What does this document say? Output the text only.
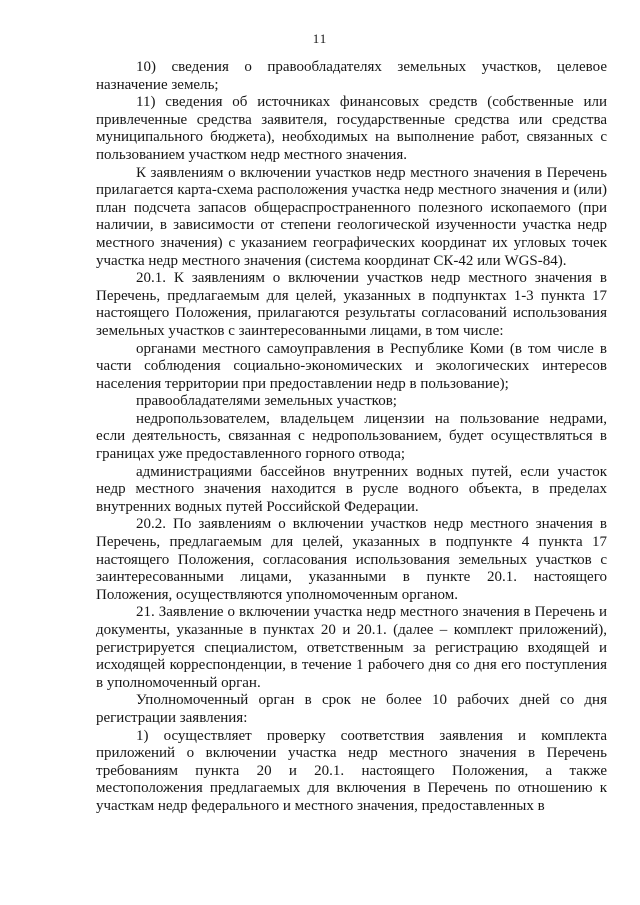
11

10) сведения о правообладателях земельных участков, целевое назначение земель;

11) сведения об источниках финансовых средств (собственные или привлеченные средства заявителя, государственные средства или средства муниципального бюджета), необходимых на выполнение работ, связанных с пользованием участком недр местного значения.

К заявлениям о включении участков недр местного значения в Перечень прилагается карта-схема расположения участка недр местного значения и (или) план подсчета запасов общераспространенного полезного ископаемого (при наличии, в зависимости от степени геологической изученности участка недр местного значения) с указанием географических координат их угловых точек участка недр местного значения (система координат СК-42 или WGS-84).

20.1. К заявлениям о включении участков недр местного значения в Перечень, предлагаемым для целей, указанных в подпунктах 1-3 пункта 17 настоящего Положения, прилагаются результаты согласований использования земельных участков с заинтересованными лицами, в том числе:

органами местного самоуправления в Республике Коми (в том числе в части соблюдения социально-экономических и экологических интересов населения территории при предоставлении недр в пользование);

правообладателями земельных участков;

недропользователем, владельцем лицензии на пользование недрами, если деятельность, связанная с недропользованием, будет осуществляться в границах уже предоставленного горного отвода;

администрациями бассейнов внутренних водных путей, если участок недр местного значения находится в русле водного объекта, в пределах внутренних водных путей Российской Федерации.

20.2. По заявлениям о включении участков недр местного значения в Перечень, предлагаемым для целей, указанных в подпункте 4 пункта 17 настоящего Положения, согласования использования земельных участков с заинтересованными лицами, указанными в пункте 20.1. настоящего Положения, осуществляются уполномоченным органом.

21. Заявление о включении участка недр местного значения в Перечень и документы, указанные в пунктах 20 и 20.1. (далее – комплект приложений), регистрируется специалистом, ответственным за регистрацию входящей и исходящей корреспонденции, в течение 1 рабочего дня со дня его поступления в уполномоченный орган.

Уполномоченный орган в срок не более 10 рабочих дней со дня регистрации заявления:

1) осуществляет проверку соответствия заявления и комплекта приложений о включении участка недр местного значения в Перечень требованиям пункта 20 и 20.1. настоящего Положения, а также местоположения предлагаемых для включения в Перечень по отношению к участкам недр федерального и местного значения, предоставленных в
